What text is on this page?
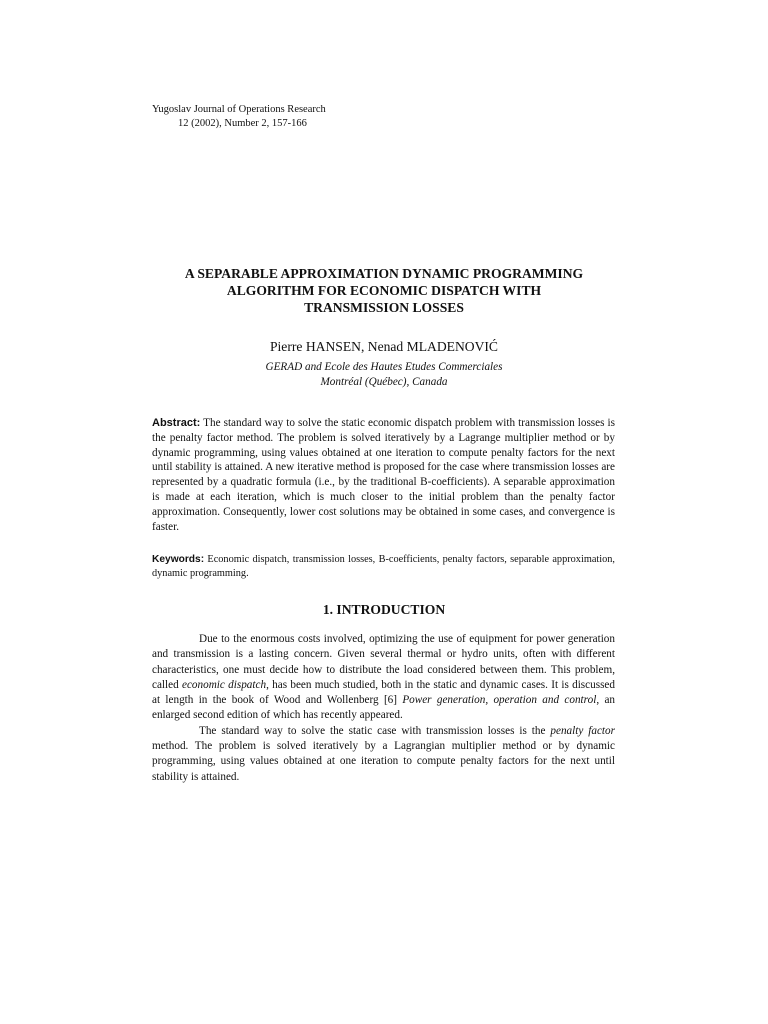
Yugoslav Journal of Operations Research
12 (2002), Number 2, 157-166
A SEPARABLE APPROXIMATION DYNAMIC PROGRAMMING
ALGORITHM FOR ECONOMIC DISPATCH WITH
TRANSMISSION LOSSES
Pierre HANSEN, Nenad MLADENOVIĆ
GERAD and Ecole des Hautes Etudes Commerciales
Montréal (Québec), Canada
Abstract: The standard way to solve the static economic dispatch problem with transmission losses is the penalty factor method. The problem is solved iteratively by a Lagrange multiplier method or by dynamic programming, using values obtained at one iteration to compute penalty factors for the next until stability is attained. A new iterative method is proposed for the case where transmission losses are represented by a quadratic formula (i.e., by the traditional B-coefficients). A separable approximation is made at each iteration, which is much closer to the initial problem than the penalty factor approximation. Consequently, lower cost solutions may be obtained in some cases, and convergence is faster.
Keywords: Economic dispatch, transmission losses, B-coefficients, penalty factors, separable approximation, dynamic programming.
1. INTRODUCTION

Due to the enormous costs involved, optimizing the use of equipment for power generation and transmission is a lasting concern. Given several thermal or hydro units, often with different characteristics, one must decide how to distribute the load considered between them. This problem, called economic dispatch, has been much studied, both in the static and dynamic cases. It is discussed at length in the book of Wood and Wollenberg [6] Power generation, operation and control, an enlarged second edition of which has recently appeared.

The standard way to solve the static case with transmission losses is the penalty factor method. The problem is solved iteratively by a Lagrangian multiplier method or by dynamic programming, using values obtained at one iteration to compute penalty factors for the next until stability is attained.
